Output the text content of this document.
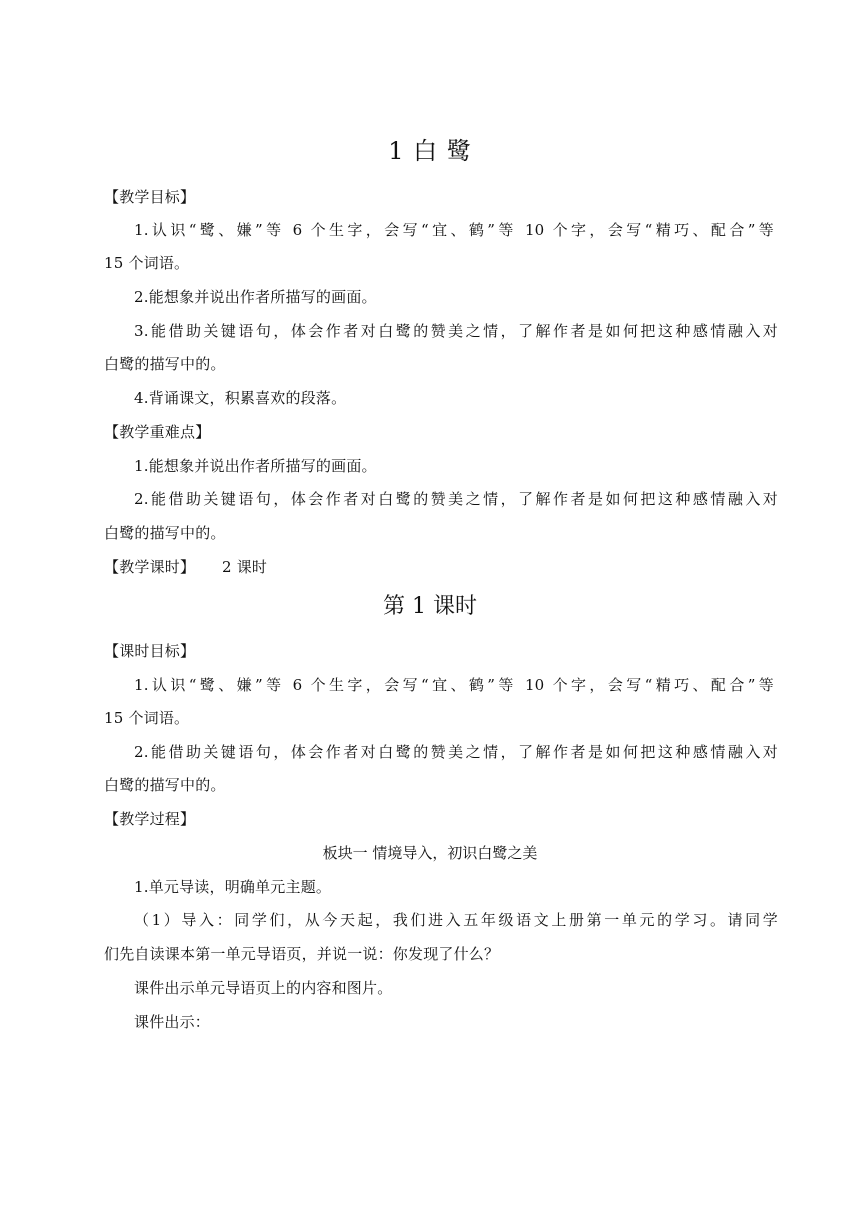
1 白 鹭
【教学目标】
1.认识“鹭、嫌”等 6 个生字，会写“宜、鹤”等 10 个字，会写“精巧、配合”等
15 个词语。
2.能想象并说出作者所描写的画面。
3.能借助关键语句，体会作者对白鹭的赞美之情，了解作者是如何把这种感情融入对
白鹭的描写中的。
4.背诵课文，积累喜欢的段落。
【教学重难点】
1.能想象并说出作者所描写的画面。
2.能借助关键语句，体会作者对白鹭的赞美之情，了解作者是如何把这种感情融入对
白鹭的描写中的。
【教学课时】 2 课时
第 1 课时
【课时目标】
1.认识“鹭、嫌”等 6 个生字，会写“宜、鹤”等 10 个字，会写“精巧、配合”等
15 个词语。
2.能借助关键语句，体会作者对白鹭的赞美之情，了解作者是如何把这种感情融入对
白鹭的描写中的。
【教学过程】
板块一 情境导入，初识白鹭之美
1.单元导读，明确单元主题。
（1）导入：同学们，从今天起，我们进入五年级语文上册第一单元的学习。请同学
们先自读课本第一单元导语页，并说一说：你发现了什么？
课件出示单元导语页上的内容和图片。
课件出示：
